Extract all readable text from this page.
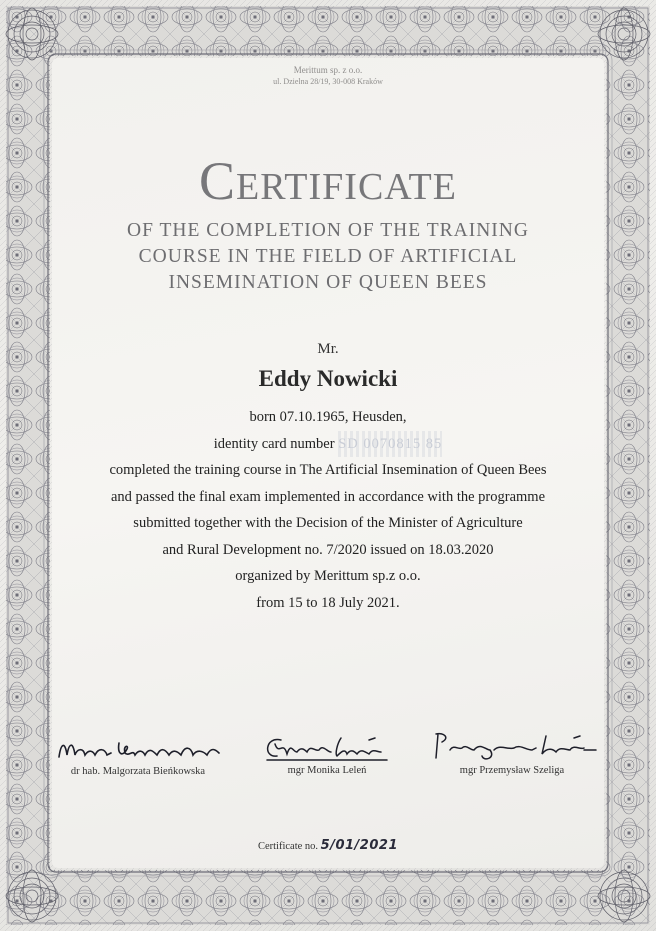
Merittum sp. z o.o.
ul. Dzielna 28/19, 30-008 Kraków
Certificate
OF THE COMPLETION OF THE TRAINING
COURSE IN THE FIELD OF ARTIFICIAL
INSEMINATION OF QUEEN BEES
Mr.
Eddy Nowicki
born 07.10.1965, Heusden,
identity card number SD 0070815 85
completed the training course in The Artificial Insemination of Queen Bees
and passed the final exam implemented in accordance with the programme
submitted together with the Decision of the Minister of Agriculture
and Rural Development no. 7/2020 issued on 18.03.2020
organized by Merittum sp.z o.o.
from 15 to 18 July 2021.
dr hab. Malgorzata Bieńkowska	mgr Monika Leleń	mgr Przemysław Szeliga
Certificate no. 5/01/2021
